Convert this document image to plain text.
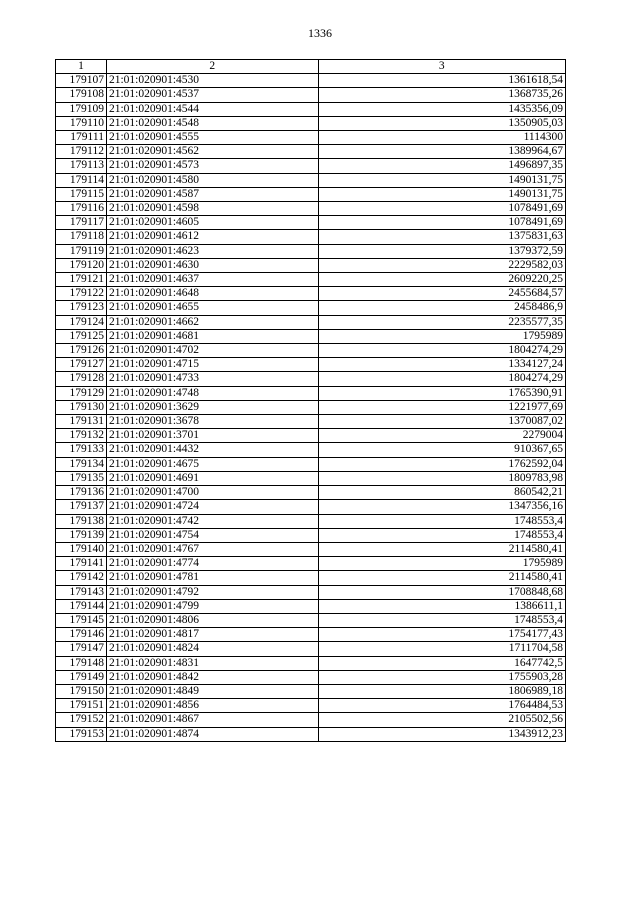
1336
1	2	3
179107	21:01:020901:4530	1361618,54
179108	21:01:020901:4537	1368735,26
179109	21:01:020901:4544	1435356,09
179110	21:01:020901:4548	1350905,03
179111	21:01:020901:4555	1114300
179112	21:01:020901:4562	1389964,67
179113	21:01:020901:4573	1496897,35
179114	21:01:020901:4580	1490131,75
179115	21:01:020901:4587	1490131,75
179116	21:01:020901:4598	1078491,69
179117	21:01:020901:4605	1078491,69
179118	21:01:020901:4612	1375831,63
179119	21:01:020901:4623	1379372,59
179120	21:01:020901:4630	2229582,03
179121	21:01:020901:4637	2609220,25
179122	21:01:020901:4648	2455684,57
179123	21:01:020901:4655	2458486,9
179124	21:01:020901:4662	2235577,35
179125	21:01:020901:4681	1795989
179126	21:01:020901:4702	1804274,29
179127	21:01:020901:4715	1334127,24
179128	21:01:020901:4733	1804274,29
179129	21:01:020901:4748	1765390,91
179130	21:01:020901:3629	1221977,69
179131	21:01:020901:3678	1370087,02
179132	21:01:020901:3701	2279004
179133	21:01:020901:4432	910367,65
179134	21:01:020901:4675	1762592,04
179135	21:01:020901:4691	1809783,98
179136	21:01:020901:4700	860542,21
179137	21:01:020901:4724	1347356,16
179138	21:01:020901:4742	1748553,4
179139	21:01:020901:4754	1748553,4
179140	21:01:020901:4767	2114580,41
179141	21:01:020901:4774	1795989
179142	21:01:020901:4781	2114580,41
179143	21:01:020901:4792	1708848,68
179144	21:01:020901:4799	1386611,1
179145	21:01:020901:4806	1748553,4
179146	21:01:020901:4817	1754177,43
179147	21:01:020901:4824	1711704,58
179148	21:01:020901:4831	1647742,5
179149	21:01:020901:4842	1755903,28
179150	21:01:020901:4849	1806989,18
179151	21:01:020901:4856	1764484,53
179152	21:01:020901:4867	2105502,56
179153	21:01:020901:4874	1343912,23
